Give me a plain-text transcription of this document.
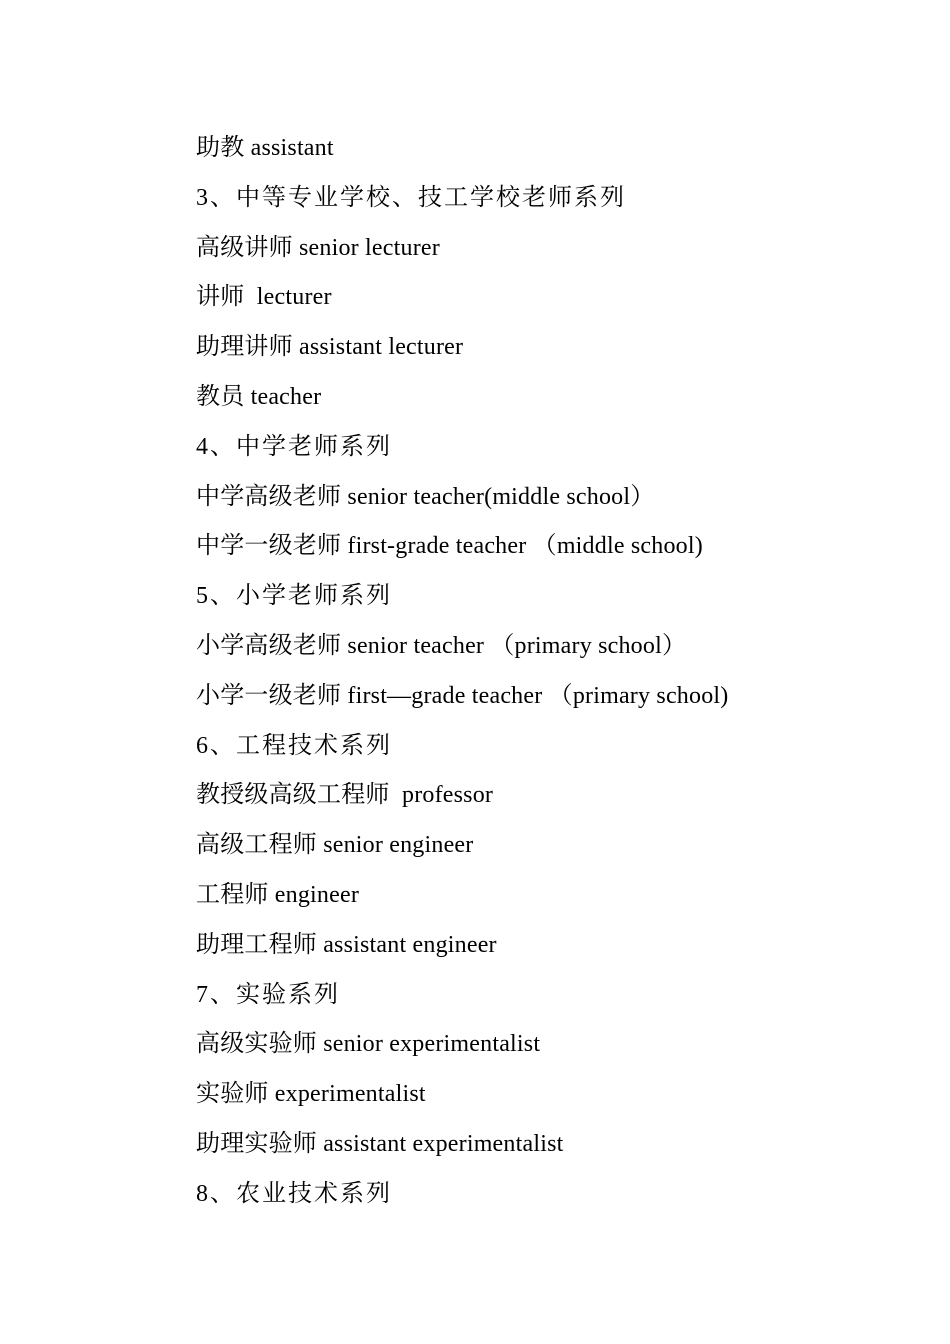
助教 assistant
3、中等专业学校、技工学校老师系列
高级讲师 senior lecturer
讲师  lecturer
助理讲师 assistant lecturer
教员 teacher
4、中学老师系列
中学高级老师 senior teacher(middle school）
中学一级老师 first-grade teacher （middle school)
5、小学老师系列
小学高级老师 senior teacher （primary school）
小学一级老师 first—grade teacher （primary school)
6、工程技术系列
教授级高级工程师  professor
高级工程师 senior engineer
工程师 engineer
助理工程师 assistant engineer
7、实验系列
高级实验师 senior experimentalist
实验师 experimentalist
助理实验师 assistant experimentalist
8、农业技术系列
